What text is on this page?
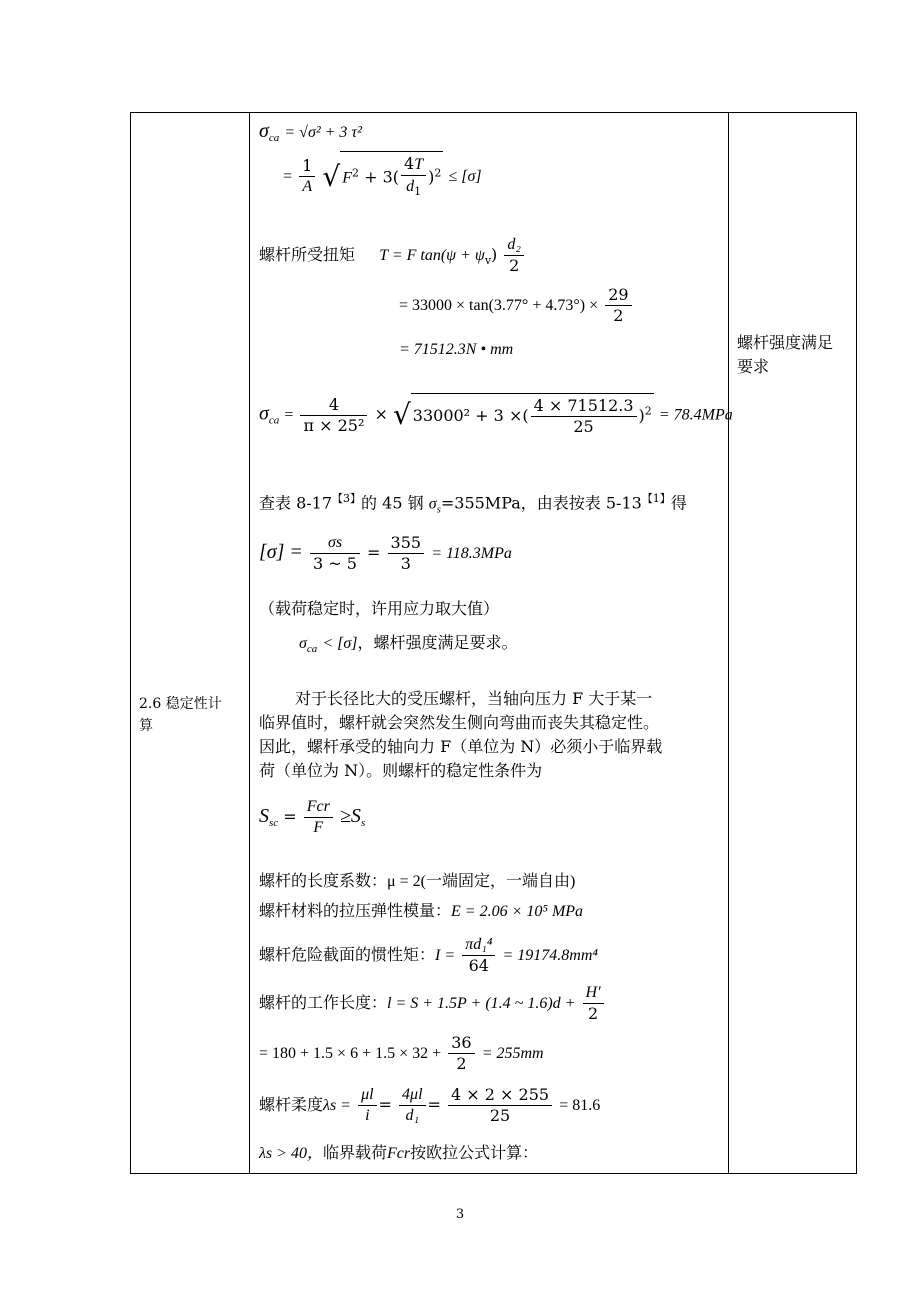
2.6 稳定性计
算
螺杆强度满足
要求
$\sigma_{ca} = √\sigma^2 + 3$ τ²
= $\frac{1}{A}$ √ $F^2 + 3( \frac{4T}{d_1} )^2 \le [\sigma]$
螺杆所受扭矩 T = F $\tan(\psi + \psi_v) \frac{\text{d₂}}{2}$
= $33000 \times \tan(3.77^\circ + 4.73^\circ) \times \frac{29}{2}$
= 71512.3N • mm
$\sigma_{ca} = \frac{4}{\text{π × 25²}}$ × √ 33000² + 3 ×( $\frac{4 \times 71512.3}{25} )^2 = 78.4MPa$
查表 $8-17^{【3】}$的 45 钢 $\sigma_s=355MPa$，由表按表 $5-13^{【1】}$得
$[\sigma] = \frac{\sigma s}{3 \sim 5} = \frac{355}{3} = 118.3MPa$
（载荷稳定时，许用应力取大值）
$\sigma_{ca} < [\sigma]$，螺杆强度满足要求。
对于长径比大的受压螺杆，当轴向压力 F 大于某一
临界值时，螺杆就会突然发生侧向弯曲而丧失其稳定性。
因此，螺杆承受的轴向力 F（单位为 N）必须小于临界载
荷（单位为 N）。则螺杆的稳定性条件为
$S_{sc} = \frac{\text{Fcr}}{F} \ge S_s$
螺杆的长度系数：μ = 2(一端固定，一端自由)
螺杆材料的拉压弹性模量：E = 2.06 × 10⁵ MPa
螺杆危险截面的惯性矩：$I = \frac{\text{πd₁⁴}}{64} = 19174.8mm^4$
螺杆的工作长度：l = S + 1.5P + (1.4 ~ $1.6)d + \frac{H'}{2}$
= $180 + 1.5 \times 6 + 1.5 \times 32 + \frac{36}{2} = 255mm$
螺杆柔度$\lambda s = \frac{\mu l}{i} = \frac{4\mu l}{\text{d₁}} = \frac{4 \times 2 \times 255}{25} = 81.6$
λs > 40，临界载荷Fcr按欧拉公式计算：
3
